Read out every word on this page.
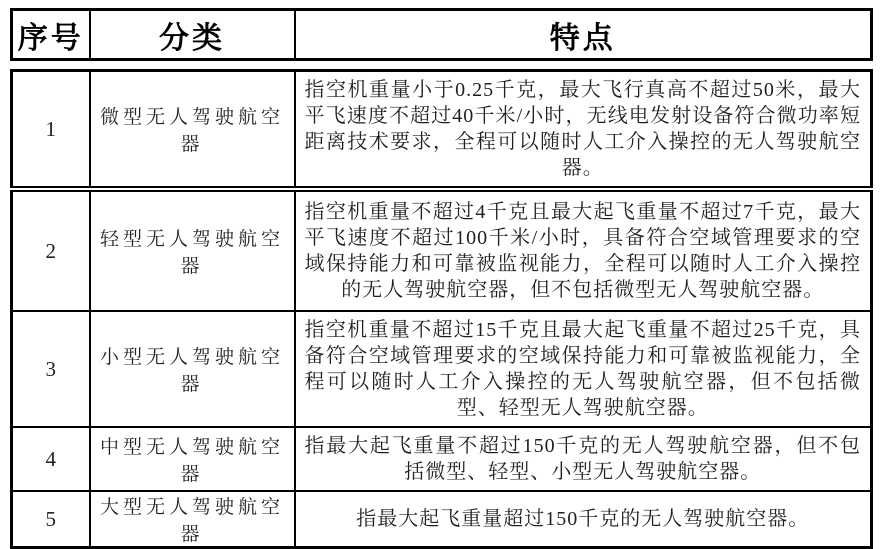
序号	分类	特点
1	微型无人驾驶航空器	指空机重量小于0.25千克，最大飞行真高不超过50米，最大平飞速度不超过40千米/小时，无线电发射设备符合微功率短距离技术要求，全程可以随时人工介入操控的无人驾驶航空器。
2	轻型无人驾驶航空器	指空机重量不超过4千克且最大起飞重量不超过7千克，最大平飞速度不超过100千米/小时，具备符合空域管理要求的空域保持能力和可靠被监视能力，全程可以随时人工介入操控的无人驾驶航空器，但不包括微型无人驾驶航空器。
3	小型无人驾驶航空器	指空机重量不超过15千克且最大起飞重量不超过25千克，具备符合空域管理要求的空域保持能力和可靠被监视能力，全程可以随时人工介入操控的无人驾驶航空器，但不包括微型、轻型无人驾驶航空器。
4	中型无人驾驶航空器	指最大起飞重量不超过150千克的无人驾驶航空器，但不包括微型、轻型、小型无人驾驶航空器。
5	大型无人驾驶航空器	指最大起飞重量超过150千克的无人驾驶航空器。
